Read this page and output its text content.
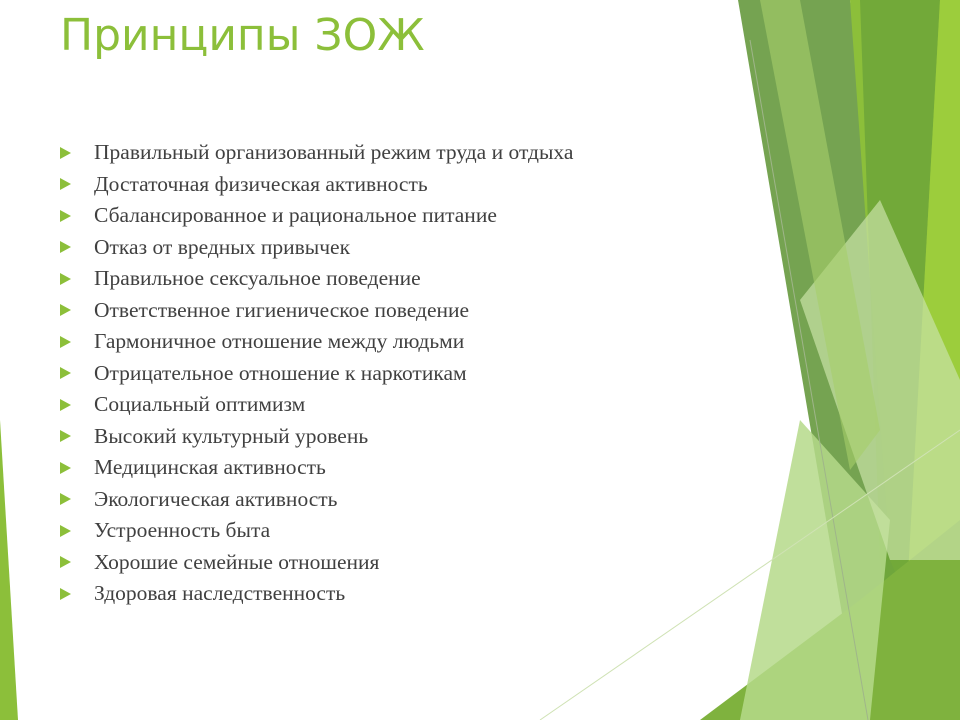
Принципы ЗОЖ
Правильный организованный режим труда и отдыха
Достаточная физическая активность
Сбалансированное и рациональное питание
Отказ от вредных привычек
Правильное сексуальное поведение
Ответственное гигиеническое поведение
Гармоничное отношение между людьми
Отрицательное отношение к наркотикам
Социальный оптимизм
Высокий культурный уровень
Медицинская активность
Экологическая активность
Устроенность быта
Хорошие семейные отношения
Здоровая наследственность
